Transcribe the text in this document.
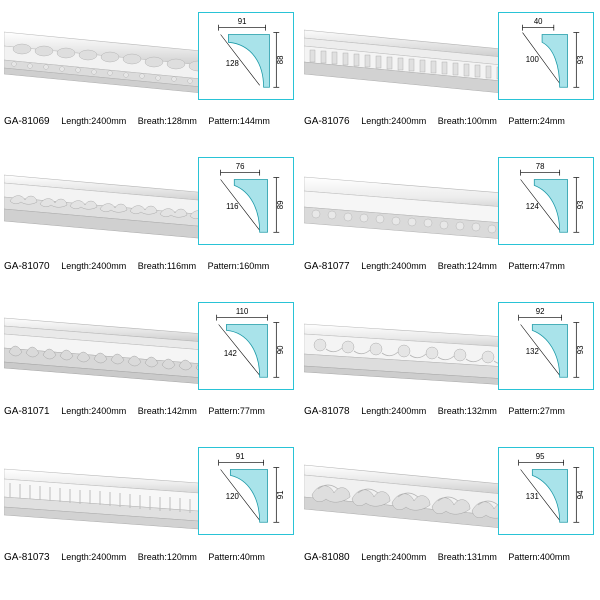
91
88
128
GA-81069 Length:2400mm Breath:128mm Pattern:144mm
40
93
100
GA-81076 Length:2400mm Breath:100mm Pattern:24mm
76
89
116
GA-81070 Length:2400mm Breath:116mm Pattern:160mm
78
93
124
GA-81077 Length:2400mm Breath:124mm Pattern:47mm
110
90
142
GA-81071 Length:2400mm Breath:142mm Pattern:77mm
92
93
132
GA-81078 Length:2400mm Breath:132mm Pattern:27mm
91
91
120
GA-81073 Length:2400mm Breath:120mm Pattern:40mm
95
94
131
GA-81080 Length:2400mm Breath:131mm Pattern:400mm
